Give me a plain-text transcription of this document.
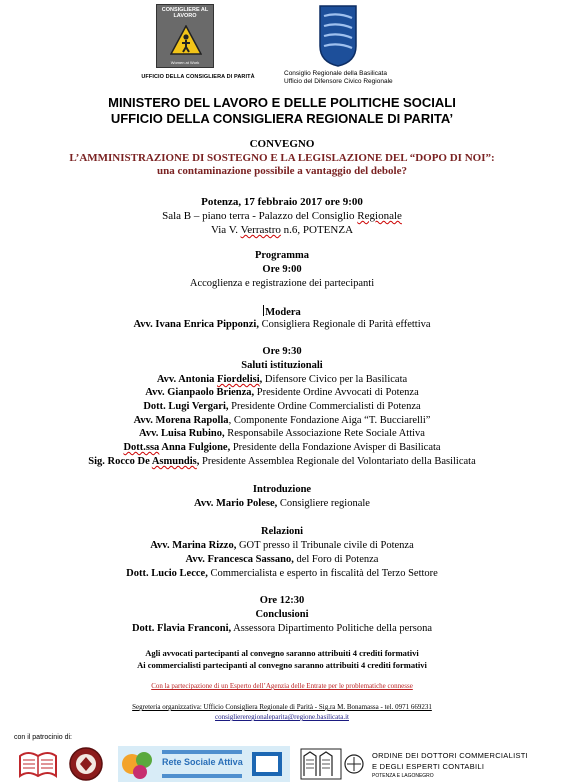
CONSIGLIERE AL LAVORO
Women at Work
UFFICIO DELLA CONSIGLIERA DI PARITÀ	Consiglio Regionale della Basilicata
Ufficio del Difensore Civico Regionale
MINISTERO DEL LAVORO E DELLE POLITICHE SOCIALI
UFFICIO DELLA CONSIGLIERA REGIONALE DI PARITA’
CONVEGNO
L’AMMINISTRAZIONE DI SOSTEGNO E LA LEGISLAZIONE DEL “DOPO DI NOI”:
una contaminazione possibile a vantaggio del debole?
Potenza, 17 febbraio 2017 ore 9:00
Sala B – piano terra - Palazzo del Consiglio Regionale
Via V. Verrastro n.6, POTENZA
Programma
Ore 9:00
Accoglienza e registrazione dei partecipanti
Modera
Avv. Ivana Enrica Pipponzi, Consigliera Regionale di Parità effettiva
Ore 9:30
Saluti istituzionali
Avv. Antonia Fiordelisi, Difensore Civico per la Basilicata
Avv. Gianpaolo Brienza, Presidente Ordine Avvocati di Potenza
Dott. Lugi Vergari, Presidente Ordine Commercialisti di Potenza
Avv. Morena Rapolla, Componente Fondazione Aiga “T. Bucciarelli”
Avv. Luisa Rubino, Responsabile Associazione Rete Sociale Attiva
Dott.ssa Anna Fulgione, Presidente della Fondazione Avisper di Basilicata
Sig. Rocco De Asmundis, Presidente Assemblea Regionale del Volontariato della Basilicata
Introduzione
Avv. Mario Polese, Consigliere regionale
Relazioni
Avv. Marina Rizzo, GOT presso il Tribunale civile di Potenza
Avv. Francesca Sassano, del Foro di Potenza
Dott. Lucio Lecce, Commercialista e esperto in fiscalità del Terzo Settore
Ore 12:30
Conclusioni
Dott. Flavia Franconi, Assessora Dipartimento Politiche della persona
Agli avvocati partecipanti al convegno saranno attribuiti 4 crediti formativi
Ai commercialisti partecipanti al convegno saranno attribuiti 4 crediti formativi
Con la partecipazione di un Esperto dell’Agenzia delle Entrate per le problematiche connesse
Segreteria organizzativa: Ufficio Consigliera Regionale di Parità - Sig.ra M. Bonamassa - tel. 0971 669231
consigliereregionaleparita@regione.basilicata.it
con il patrocinio di:
Rete Sociale Attiva
ORDINE DEI DOTTORI COMMERCIALISTI
E DEGLI ESPERTI CONTABILI
POTENZA E LAGONEGRO
